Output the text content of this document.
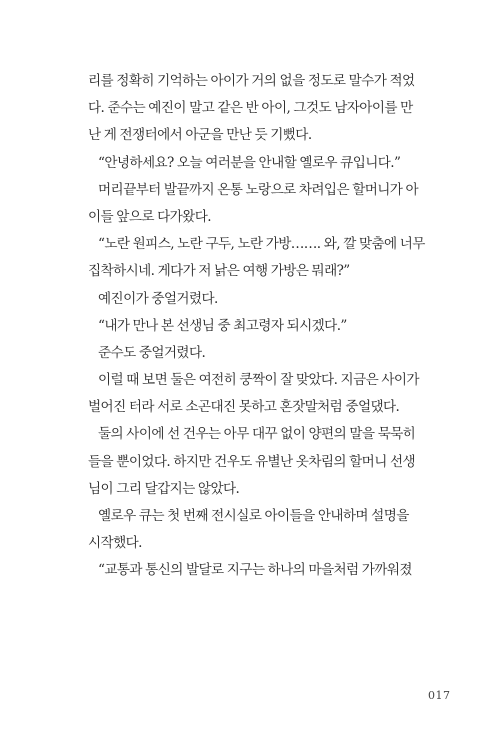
리를 정확히 기억하는 아이가 거의 없을 정도로 말수가 적었
다. 준수는 예진이 말고 같은 반 아이, 그것도 남자아이를 만
난 게 전쟁터에서 아군을 만난 듯 기뻤다.
“안녕하세요? 오늘 여러분을 안내할 옐로우 큐입니다.”
머리끝부터 발끝까지 온통 노랑으로 차려입은 할머니가 아
이들 앞으로 다가왔다.
“노란 원피스, 노란 구두, 노란 가방……. 와, 깔 맞춤에 너무
집착하시네. 게다가 저 낡은 여행 가방은 뭐래?”
예진이가 중얼거렸다.
“내가 만나 본 선생님 중 최고령자 되시겠다.”
준수도 중얼거렸다.
이럴 때 보면 둘은 여전히 쿵짝이 잘 맞았다. 지금은 사이가
벌어진 터라 서로 소곤대진 못하고 혼잣말처럼 중얼댔다.
둘의 사이에 선 건우는 아무 대꾸 없이 양편의 말을 묵묵히
들을 뿐이었다. 하지만 건우도 유별난 옷차림의 할머니 선생
님이 그리 달갑지는 않았다.
옐로우 큐는 첫 번째 전시실로 아이들을 안내하며 설명을
시작했다.
“교통과 통신의 발달로 지구는 하나의 마을처럼 가까워졌
017
